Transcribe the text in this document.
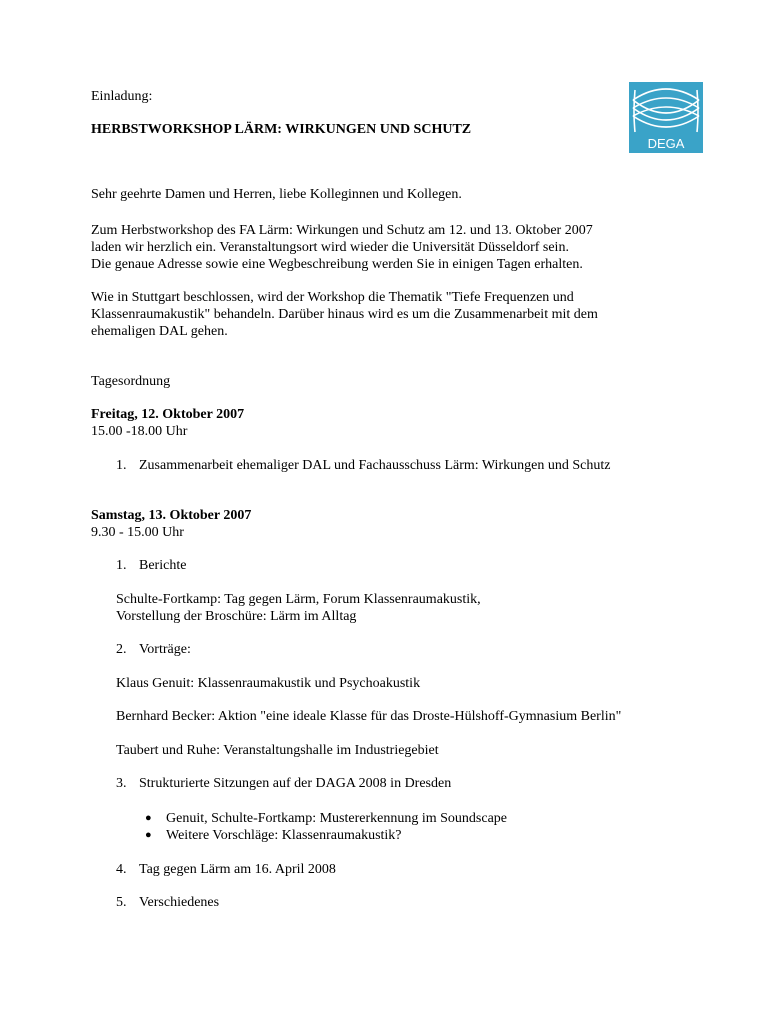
Einladung:
HERBSTWORKSHOP LÄRM: WIRKUNGEN UND SCHUTZ
DEGA
Sehr geehrte Damen und Herren, liebe Kolleginnen und Kollegen.
Zum Herbstworkshop des FA Lärm: Wirkungen und Schutz am 12. und 13. Oktober 2007
laden wir herzlich ein. Veranstaltungsort wird wieder die Universität Düsseldorf sein.
Die genaue Adresse sowie eine Wegbeschreibung werden Sie in einigen Tagen erhalten.
Wie in Stuttgart beschlossen, wird der Workshop die Thematik "Tiefe Frequenzen und
Klassenraumakustik" behandeln. Darüber hinaus wird es um die Zusammenarbeit mit dem
ehemaligen DAL gehen.
Tagesordnung
Freitag, 12. Oktober 2007
15.00 -18.00 Uhr
1. Zusammenarbeit ehemaliger DAL und Fachausschuss Lärm: Wirkungen und Schutz
Samstag, 13. Oktober 2007
9.30 - 15.00 Uhr
1. Berichte
Schulte-Fortkamp: Tag gegen Lärm, Forum Klassenraumakustik,
Vorstellung der Broschüre: Lärm im Alltag
2. Vorträge:
Klaus Genuit: Klassenraumakustik und Psychoakustik
Bernhard Becker: Aktion "eine ideale Klasse für das Droste-Hülshoff-Gymnasium Berlin"
Taubert und Ruhe: Veranstaltungshalle im Industriegebiet
3. Strukturierte Sitzungen auf der DAGA 2008 in Dresden
● Genuit, Schulte-Fortkamp: Mustererkennung im Soundscape
● Weitere Vorschläge: Klassenraumakustik?
4. Tag gegen Lärm am 16. April 2008
5. Verschiedenes
